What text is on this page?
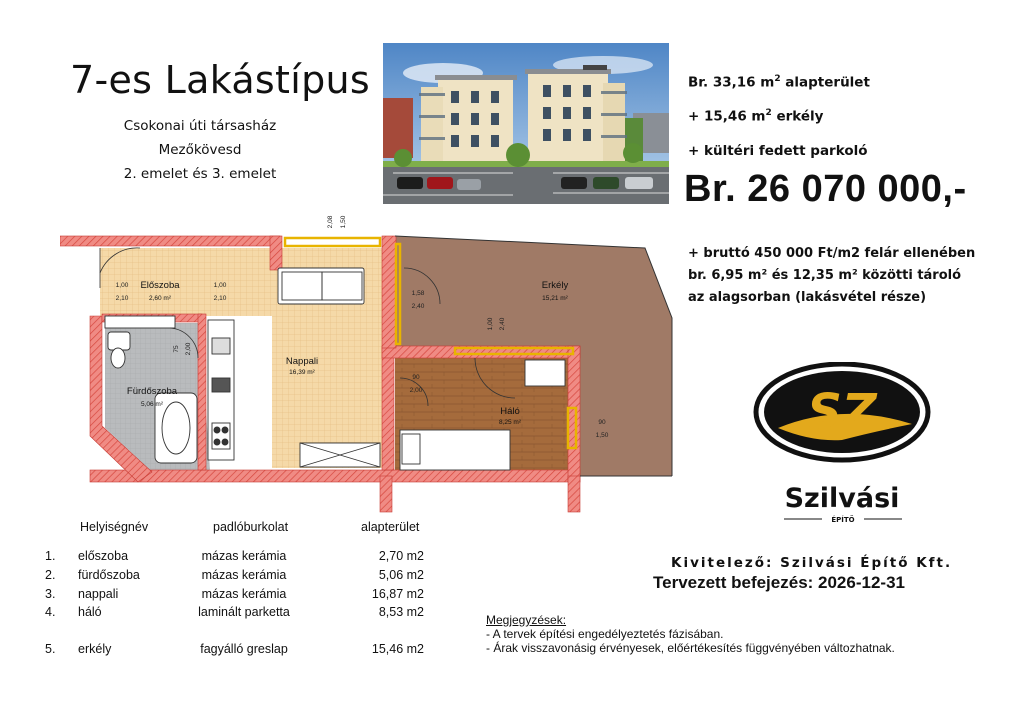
7-es Lakástípus
Csokonai úti társasház
Mezőkövesd
2. emelet és 3. emelet
Br. 33,16 $m^2$ alapterület
+ 15,46 $m^2$ erkély
+ kültéri fedett parkoló
Br. 26 070 000,-
+ bruttó 450 000 Ft/m2 felár ellenében
br. 6,95 m² és 12,35 m² közötti tároló
az alagsorban (lakásvétel része)
Előszoba
2,60 m²
Fürdőszoba
5,06 m²
Nappali
16,39 m²
Háló
8,25 m²
Erkély
15,21 m²
1,00
2,10
1,00
2,10
2,08 1,50
1,58
2,40
1,00 2,40
75 2,00
90
2,00
90
1,50	SZ
Szilvási
ÉPÍTŐ
Kivitelező: Szilvási Építő Kft.
Tervezett befejezés: 2026-12-31
Megjegyzések:
- A tervek építési engedélyeztetés fázisában.
- Árak visszavonásig érvényesek, előértékesítés függvényében változhatnak.
Helyiségnév	padlóburkolat	alapterület
1. előszoba	mázas kerámia	2,70 m2
2. fürdőszoba	mázas kerámia	5,06 m2
3. nappali	mázas kerámia	16,87 m2
4. háló	laminált parketta	8,53 m2
5. erkély	fagyálló greslap	15,46 m2
